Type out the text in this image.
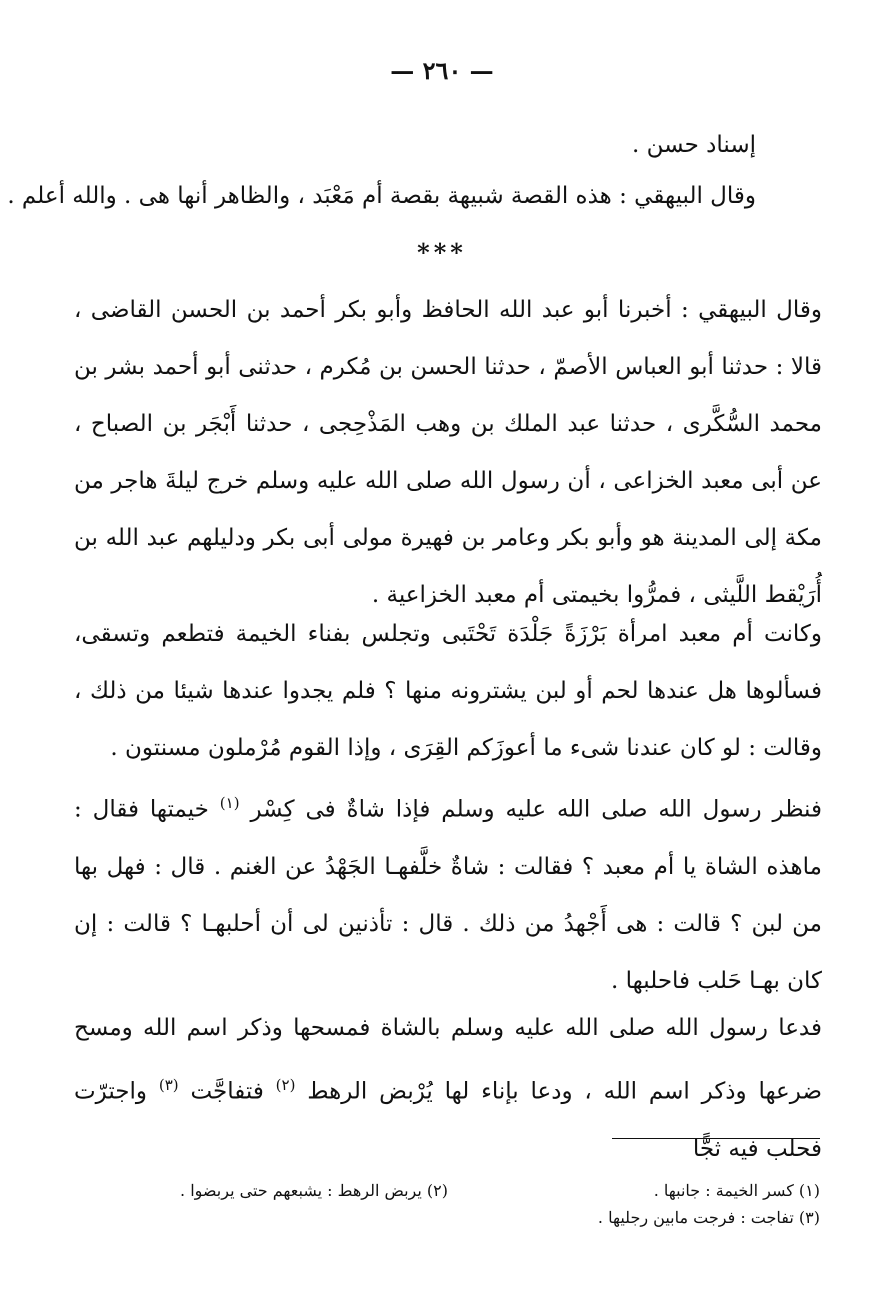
— ٢٦٠ —
إسناد حسن .
وقال البيهقي : هذه القصة شبيهة بقصة أم مَعْبَد ، والظاهر أنها هى . والله أعلم .
***

وقال البيهقي : أخبرنا أبو عبد الله الحافظ وأبو بكر أحمد بن الحسن القاضى ، قالا : حدثنا أبو العباس الأصمّ ، حدثنا الحسن بن مُكرم ، حدثنى أبو أحمد بشر بن محمد السُّكَّرى ، حدثنا عبد الملك بن وهب المَذْحِجى ، حدثنا أَبْجَر بن الصباح ، عن أبى معبد الخزاعى ، أن رسول الله صلى الله عليه وسلم خرج ليلةَ هاجر من مكة إلى المدينة هو وأبو بكر وعامر بن فهيرة مولى أبى بكر ودليلهم عبد الله بن أُرَيْقط اللَّيثى ، فمرُّوا بخيمتى أم معبد الخزاعية .

وكانت أم معبد امرأة بَرْزَةً جَلْدَة تَحْتَبى وتجلس بفناء الخيمة فتطعم وتسقى، فسألوها هل عندها لحم أو لبن يشترونه منها ؟ فلم يجدوا عندها شيئا من ذلك ، وقالت : لو كان عندنا شىء ما أعوزَكم القِرَى ، وإذا القوم مُرْملون مسنتون .

فنظر رسول الله صلى الله عليه وسلم فإذا شاةٌ فى كِسْر $^{(١)}$ خيمتها فقال : ماهذه الشاة يا أم معبد ؟ فقالت : شاةٌ خلَّفهـا الجَهْدُ عن الغنم . قال : فهل بها من لبن ؟ قالت : هى أَجْهدُ من ذلك . قال : تأذنين لى أن أحلبهـا ؟ قالت : إن كان بهـا حَلب فاحلبها .

فدعا رسول الله صلى الله عليه وسلم بالشاة فمسحها وذكر اسم الله ومسح ضرعها وذكر اسم الله ، ودعا بإناء لها يُرْبض الرهط $^{(٢)}$ فتفاجَّت $^{(٣)}$ واجترّت فحلب فيه ثجًّا

(١) كسر الخيمة : جانبها .
(٢) يربض الرهط : يشبعهم حتى يربضوا .
(٣) تفاجت : فرجت مابين رجليها .
